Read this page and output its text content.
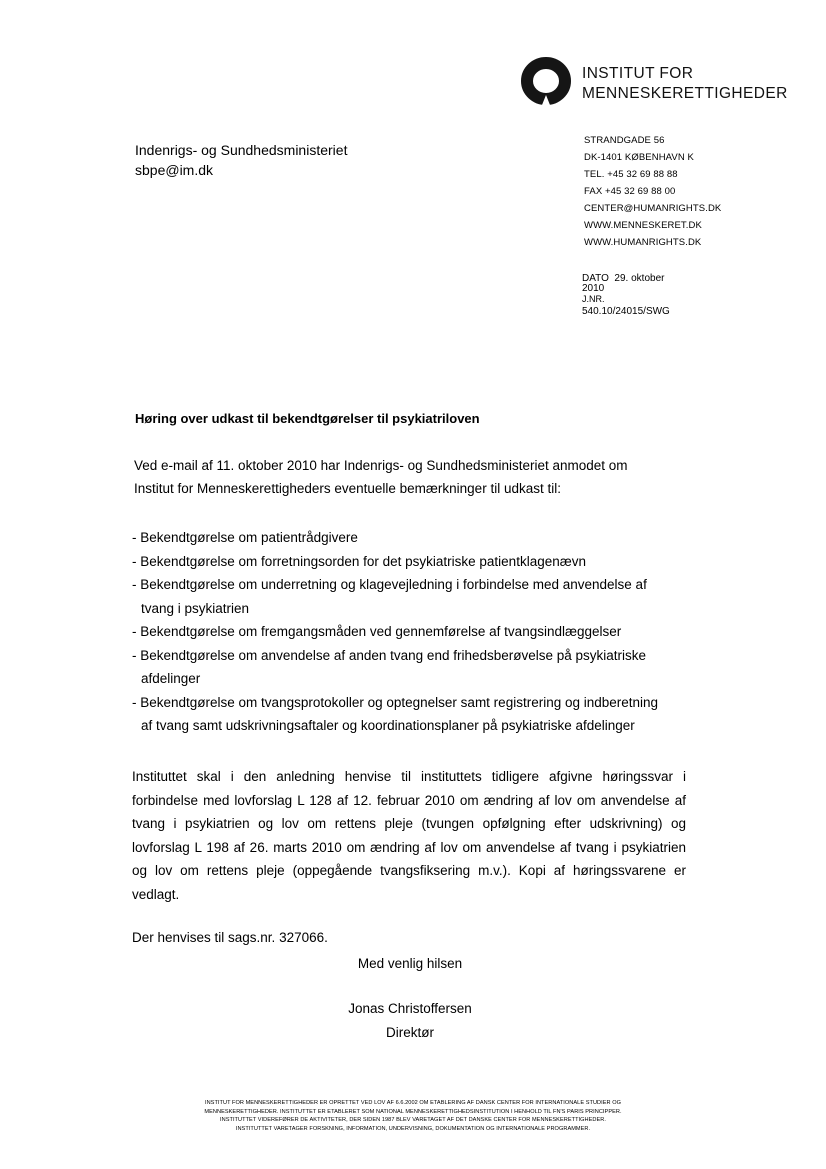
INSTITUT FOR
MENNESKERETTIGHEDER
Indenrigs- og Sundhedsministeriet
sbpe@im.dk
STRANDGADE 56
DK-1401 KØBENHAVN K
TEL. +45 32 69 88 88
FAX +45 32 69 88 00
CENTER@HUMANRIGHTS.DK
WWW.MENNESKERET.DK
WWW.HUMANRIGHTS.DK
DATO 29. oktober
2010
J.NR.
540.10/24015/SWG
Høring over udkast til bekendtgørelser til psykiatriloven
Ved e-mail af 11. oktober 2010 har Indenrigs- og Sundhedsministeriet anmodet om
Institut for Menneskerettigheders eventuelle bemærkninger til udkast til:
- Bekendtgørelse om patientrådgivere
- Bekendtgørelse om forretningsorden for det psykiatriske patientklagenævn
- Bekendtgørelse om underretning og klagevejledning i forbindelse med anvendelse af
tvang i psykiatrien
- Bekendtgørelse om fremgangsmåden ved gennemførelse af tvangsindlæggelser
- Bekendtgørelse om anvendelse af anden tvang end frihedsberøvelse på psykiatriske
afdelinger
- Bekendtgørelse om tvangsprotokoller og optegnelser samt registrering og indberetning
af tvang samt udskrivningsaftaler og koordinationsplaner på psykiatriske afdelinger
Instituttet skal i den anledning henvise til instituttets tidligere afgivne høringssvar i forbindelse med lovforslag L 128 af 12. februar 2010 om ændring af lov om anvendelse af tvang i psykiatrien og lov om rettens pleje (tvungen opfølgning efter udskrivning) og lovforslag L 198 af 26. marts 2010 om ændring af lov om anvendelse af tvang i psykiatrien og lov om rettens pleje (oppegående tvangsfiksering m.v.). Kopi af høringssvarene er vedlagt.
Der henvises til sags.nr. 327066.
Med venlig hilsen
Jonas Christoffersen
Direktør
INSTITUT FOR MENNESKERETTIGHEDER ER OPRETTET VED LOV AF 6.6.2002 OM ETABLERING AF DANSK CENTER FOR INTERNATIONALE STUDIER OG
MENNESKERETTIGHEDER. INSTITUTTET ER ETABLERET SOM NATIONAL MENNESKERETTIGHEDSINSTITUTION I HENHOLD TIL FN'S PARIS PRINCIPPER.
INSTITUTTET VIDEREFØRER DE AKTIVITETER, DER SIDEN 1987 BLEV VARETAGET AF DET DANSKE CENTER FOR MENNESKERETTIGHEDER.
INSTITUTTET VARETAGER FORSKNING, INFORMATION, UNDERVISNING, DOKUMENTATION OG INTERNATIONALE PROGRAMMER.
